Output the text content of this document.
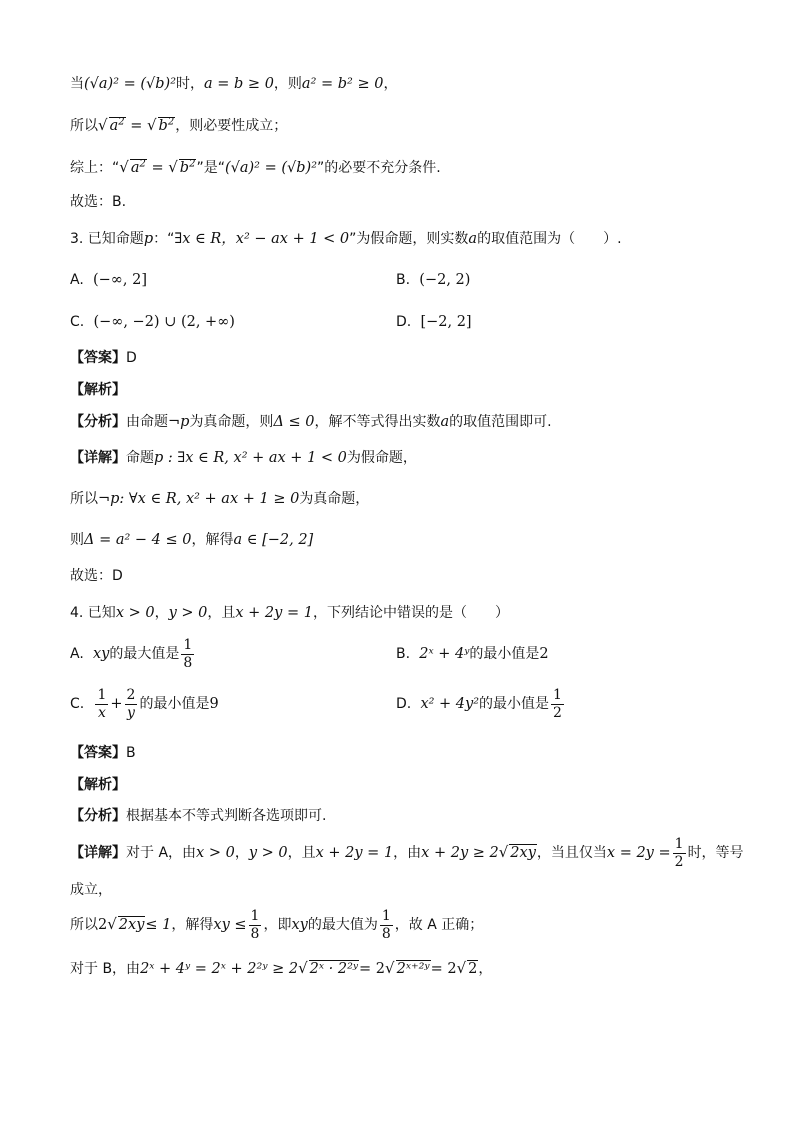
当(√a)² = (√b)²时，a = b ≥ 0，则a² = b² ≥ 0，
所以√ $a^2$ = √ $b^2$，则必要性成立；
综上：“√ $a^2$ = √ $b^2$”是“(√a)² = (√b)²”的必要不充分条件.
故选：B.
3. 已知命题p：“∃x ∈ R，x² − ax + 1 < 0”为假命题，则实数a的取值范围为（　　）.
A. (−∞, 2]	B. (−2, 2)
C. (−∞, −2) ∪ (2, +∞)	D. [−2, 2]
【答案】D
【解析】
【分析】由命题¬p为真命题，则Δ ≤ 0，解不等式得出实数a的取值范围即可.
【详解】命题p : ∃x ∈ R, x² + ax + 1 < 0为假命题，
所以¬p: ∀x ∈ R, x² + ax + 1 ≥ 0为真命题，
则Δ = a² − 4 ≤ 0，解得a ∈ [−2, 2]
故选：D
4. 已知x > 0，y > 0，且x + 2y = 1，下列结论中错误的是（　　）
A. xy的最大值是 $\frac{1}{8}$	B. 2ˣ + 4ʸ的最小值是2
C. $\frac{1}{x} + \frac{2}{y}$ 的最小值是9	D. x² + 4y²的最小值是 $\frac{1}{2}$
【答案】B
【解析】
【分析】根据基本不等式判断各选项即可.
【详解】对于 A，由x > 0，y > 0，且x + 2y = 1，由x + 2y ≥ 2√ 2xy，当且仅当$x = 2y = \frac{1}{2}$ 时，等号
成立，
所以2√ 2xy≤ 1，解得xy ≤ $\frac{1}{8}$ ，即xy的最大值为 $\frac{1}{8}$ ，故 A 正确；
对于 B，由2ˣ + 4ʸ = 2ˣ + 2²ʸ ≥ 2√ 2ˣ · 2²ʸ= 2√ 2ˣ⁺²ʸ= 2√ 2，
